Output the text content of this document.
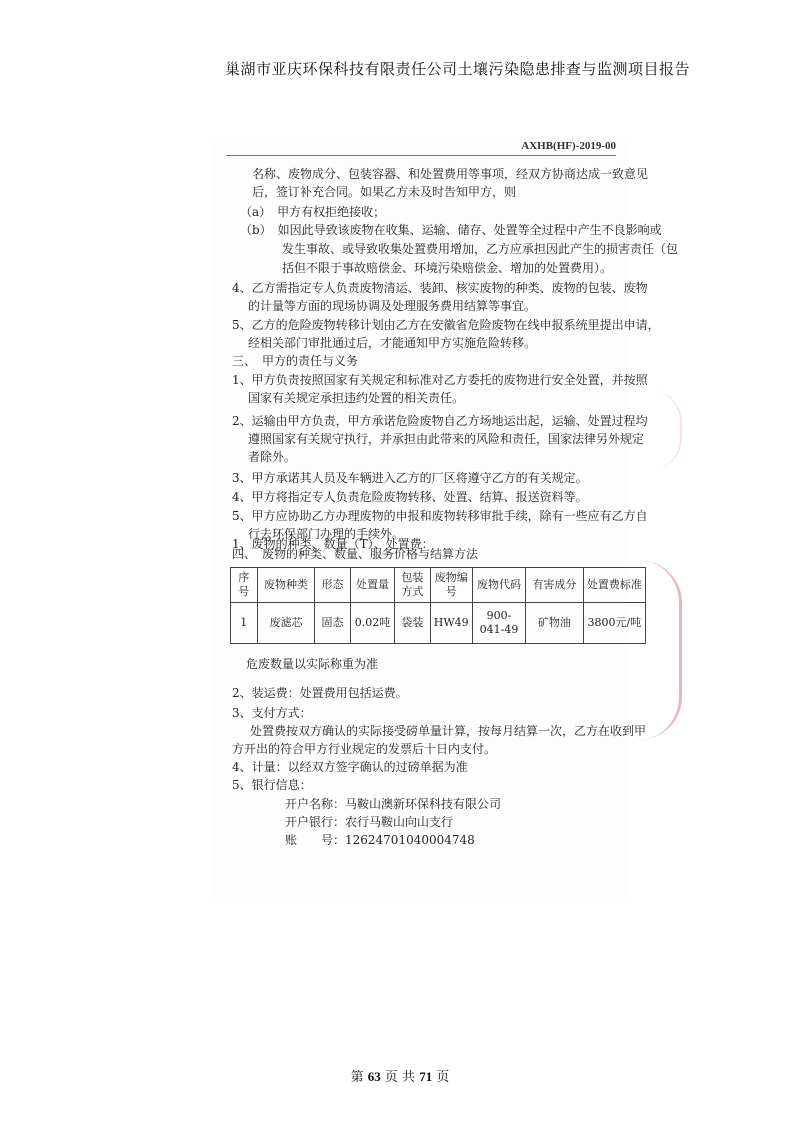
巢湖市亚庆环保科技有限责任公司土壤污染隐患排查与监测项目报告
AXHB(HF)-2019-00
名称、废物成分、包装容器、和处置费用等事项，经双方协商达成一致意见
后，签订补充合同。如果乙方未及时告知甲方，则
（a）　甲方有权拒绝接收；
（b）　如因此导致该废物在收集、运输、储存、处置等全过程中产生不良影响或
发生事故、或导致收集处置费用增加，乙方应承担因此产生的损害责任（包
括但不限于事故赔偿金、环境污染赔偿金、增加的处置费用）。
4、乙方需指定专人负责废物清运、装卸、核实废物的种类、废物的包装、废物
的计量等方面的现场协调及处理服务费用结算等事宜。
5、乙方的危险废物转移计划由乙方在安徽省危险废物在线申报系统里提出申请，
经相关部门审批通过后，才能通知甲方实施危险转移。
三、　甲方的责任与义务
1、甲方负责按照国家有关规定和标准对乙方委托的废物进行安全处置，并按照
国家有关规定承担违约处置的相关责任。
2、运输由甲方负责，甲方承诺危险废物自乙方场地运出起，运输、处置过程均
遵照国家有关规守执行，并承担由此带来的风险和责任，国家法律另外规定
者除外。
3、甲方承诺其人员及车辆进入乙方的厂区将遵守乙方的有关规定。
4、甲方将指定专人负责危险废物转移、处置、结算、报送资料等。
5、甲方应协助乙方办理废物的申报和废物转移审批手续，除有一些应有乙方自
行去环保部门办理的手续外。
四、　废物的种类、数量、服务价格与结算方法
1、废物的种类、数量（T）、处置费：
序号	废物种类	形态	处置量	包装方式	废物编号	废物代码	有害成分	处置费标准
1	废滤芯	固态	0.02吨	袋装	HW49	900-041-49	矿物油	3800元/吨
危废数量以实际称重为准
2、装运费：处置费用包括运费。
3、支付方式：
处置费按双方确认的实际接受磅单量计算，按每月结算一次，乙方在收到甲
方开出的符合甲方行业规定的发票后十日内支付。
4、计量：以经双方签字确认的过磅单据为准
5、银行信息：
开户名称：马鞍山澳新环保科技有限公司
开户银行：农行马鞍山向山支行
账　　号：12624701040004748
第 63 页 共 71 页
